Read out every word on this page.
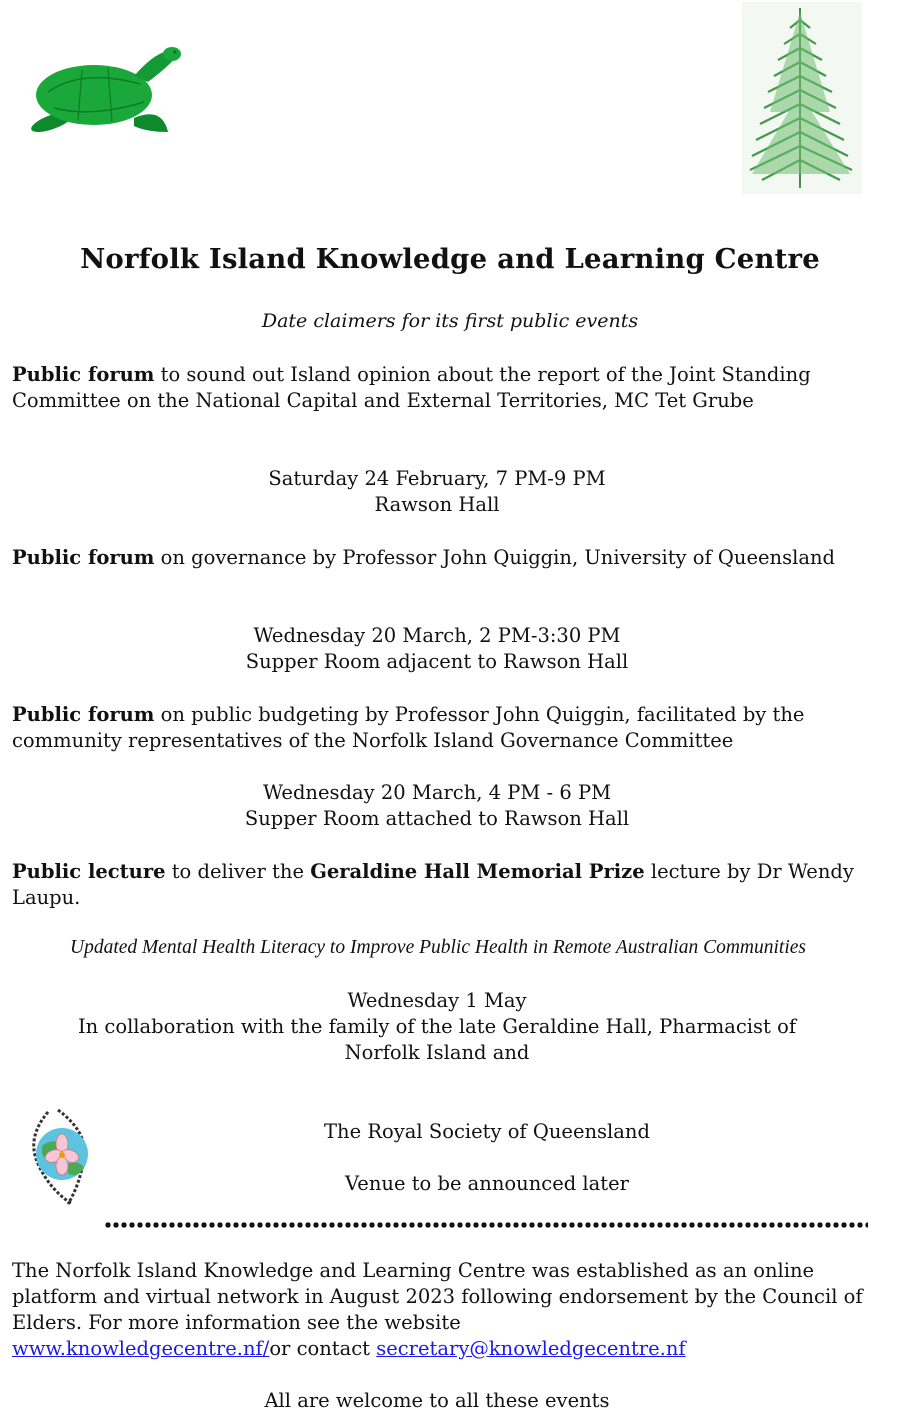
Norfolk Island Knowledge and Learning Centre
Date claimers for its first public events

Public forum to sound out Island opinion about the report of the Joint Standing Committee on the National Capital and External Territories, MC Tet Grube

Saturday 24 February, 7 PM-9 PM
Rawson Hall

Public forum on governance by Professor John Quiggin, University of Queensland

Wednesday 20 March, 2 PM-3:30 PM
Supper Room adjacent to Rawson Hall

Public forum on public budgeting by Professor John Quiggin, facilitated by the community representatives of the Norfolk Island Governance Committee

Wednesday 20 March, 4 PM - 6 PM
Supper Room attached to Rawson Hall

Public lecture to deliver the Geraldine Hall Memorial Prize lecture by Dr Wendy Laupu.

Updated Mental Health Literacy to Improve Public Health in Remote Australian Communities
Wednesday 1 May
In collaboration with the family of the late Geraldine Hall, Pharmacist of Norfolk Island and
The Royal Society of Queensland
Venue to be announced later

The Norfolk Island Knowledge and Learning Centre was established as an online platform and virtual network in August 2023 following endorsement by the Council of Elders. For more information see the website
www.knowledgecentre.nf/or contact secretary@knowledgecentre.nf

All are welcome to all these events
